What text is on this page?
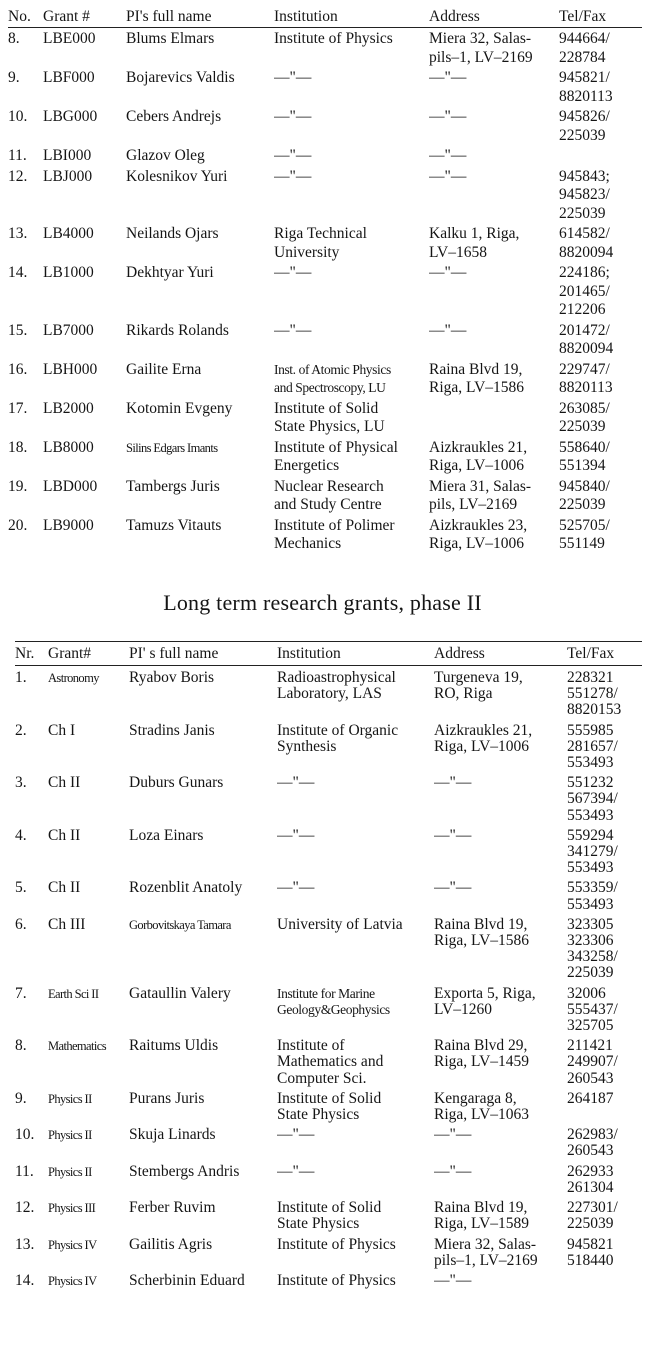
No.	Grant #	PI's full name	Institution	Address	Tel/Fax
8.	LBE000	Blums Elmars	Institute of Physics	Miera 32, Salas-
pils–1, LV–2169	944664/
228784
9.	LBF000	Bojarevics Valdis	—"—	—"—	945821/
8820113
10.	LBG000	Cebers Andrejs	—"—	—"—	945826/
225039
11.	LBI000	Glazov Oleg	—"—	—"—	
12.	LBJ000	Kolesnikov Yuri	—"—	—"—	945843;
945823/
225039
13.	LB4000	Neilands Ojars	Riga Technical
University	Kalku 1, Riga,
LV–1658	614582/
8820094
14.	LB1000	Dekhtyar Yuri	—"—	—"—	224186;
201465/
212206
15.	LB7000	Rikards Rolands	—"—	—"—	201472/
8820094
16.	LBH000	Gailite Erna	Inst. of Atomic Physics
and Spectroscopy, LU	Raina Blvd 19,
Riga, LV–1586	229747/
8820113
17.	LB2000	Kotomin Evgeny	Institute of Solid
State Physics, LU		263085/
225039
18.	LB8000	Silins Edgars Imants	Institute of Physical
Energetics	Aizkraukles 21,
Riga, LV–1006	558640/
551394
19.	LBD000	Tambergs Juris	Nuclear Research
and Study Centre	Miera 31, Salas-
pils, LV–2169	945840/
225039
20.	LB9000	Tamuzs Vitauts	Institute of Polimer
Mechanics	Aizkraukles 23,
Riga, LV–1006	525705/
551149
Long term research grants, phase II
Nr.	Grant#	PI' s full name	Institution	Address	Tel/Fax
1.	Astronomy	Ryabov Boris	Radioastrophysical
Laboratory, LAS	Turgeneva 19,
RO, Riga	228321
551278/
8820153
2.	Ch I	Stradins Janis	Institute of Organic
Synthesis	Aizkraukles 21,
Riga, LV–1006	555985
281657/
553493
3.	Ch II	Duburs Gunars	—"—	—"—	551232
567394/
553493
4.	Ch II	Loza Einars	—"—	—"—	559294
341279/
553493
5.	Ch II	Rozenblit Anatoly	—"—	—"—	553359/
553493
6.	Ch III	Gorbovitskaya Tamara	University of Latvia	Raina Blvd 19,
Riga, LV–1586	323305
323306
343258/
225039
7.	Earth Sci II	Gataullin Valery	Institute for Marine
Geology&Geophysics	Exporta 5, Riga,
LV–1260	32006
555437/
325705
8.	Mathematics	Raitums Uldis	Institute of
Mathematics and
Computer Sci.	Raina Blvd 29,
Riga, LV–1459	211421
249907/
260543
9.	Physics II	Purans Juris	Institute of Solid
State Physics	Kengaraga 8,
Riga, LV–1063	264187
10.	Physics II	Skuja Linards	—"—	—"—	262983/
260543
11.	Physics II	Stembergs Andris	—"—	—"—	262933
261304
12.	Physics III	Ferber Ruvim	Institute of Solid
State Physics	Raina Blvd 19,
Riga, LV–1589	227301/
225039
13.	Physics IV	Gailitis Agris	Institute of Physics	Miera 32, Salas-
pils–1, LV–2169	945821
518440
14.	Physics IV	Scherbinin Eduard	Institute of Physics	—"—	
